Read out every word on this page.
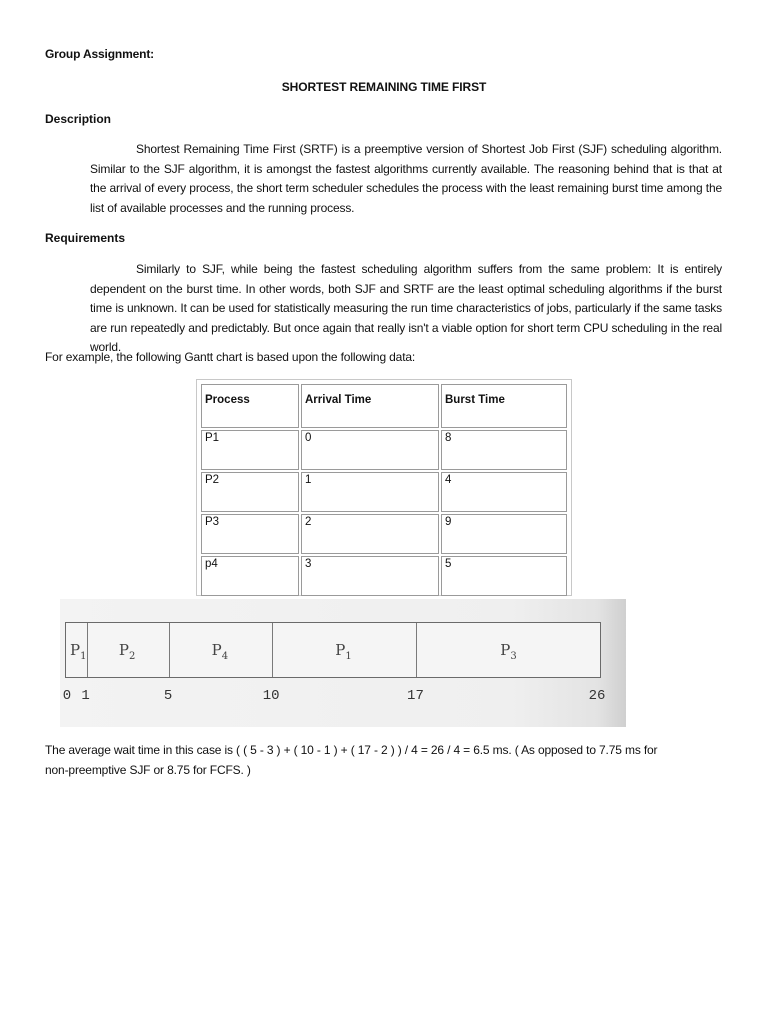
Group Assignment:
SHORTEST REMAINING TIME FIRST
Description
Shortest Remaining Time First (SRTF) is a preemptive version of Shortest Job First (SJF) scheduling algorithm. Similar to the SJF algorithm, it is amongst the fastest algorithms currently available. The reasoning behind that is that at the arrival of every process, the short term scheduler schedules the process with the least remaining burst time among the list of available processes and the running process.
Requirements
Similarly to SJF, while being the fastest scheduling algorithm suffers from the same problem: It is entirely dependent on the burst time. In other words, both SJF and SRTF are the least optimal scheduling algorithms if the burst time is unknown. It can be used for statistically measuring the run time characteristics of jobs, particularly if the same tasks are run repeatedly and predictably. But once again that really isn't a viable option for short term CPU scheduling in the real world.
For example, the following Gantt chart is based upon the following data:
Process	Arrival Time	Burst Time
P1	0	8
P2	1	4
P3	2	9
p4	3	5
$P_1$ $P_2$	$P_4$	$P_1$	$P_3$
0 1	5	10	17	26
The average wait time in this case is ( ( 5 - 3 ) + ( 10 - 1 ) + ( 17 - 2 ) ) / 4 = 26 / 4 = 6.5 ms. ( As opposed to 7.75 ms for non-preemptive SJF or 8.75 for FCFS. )
